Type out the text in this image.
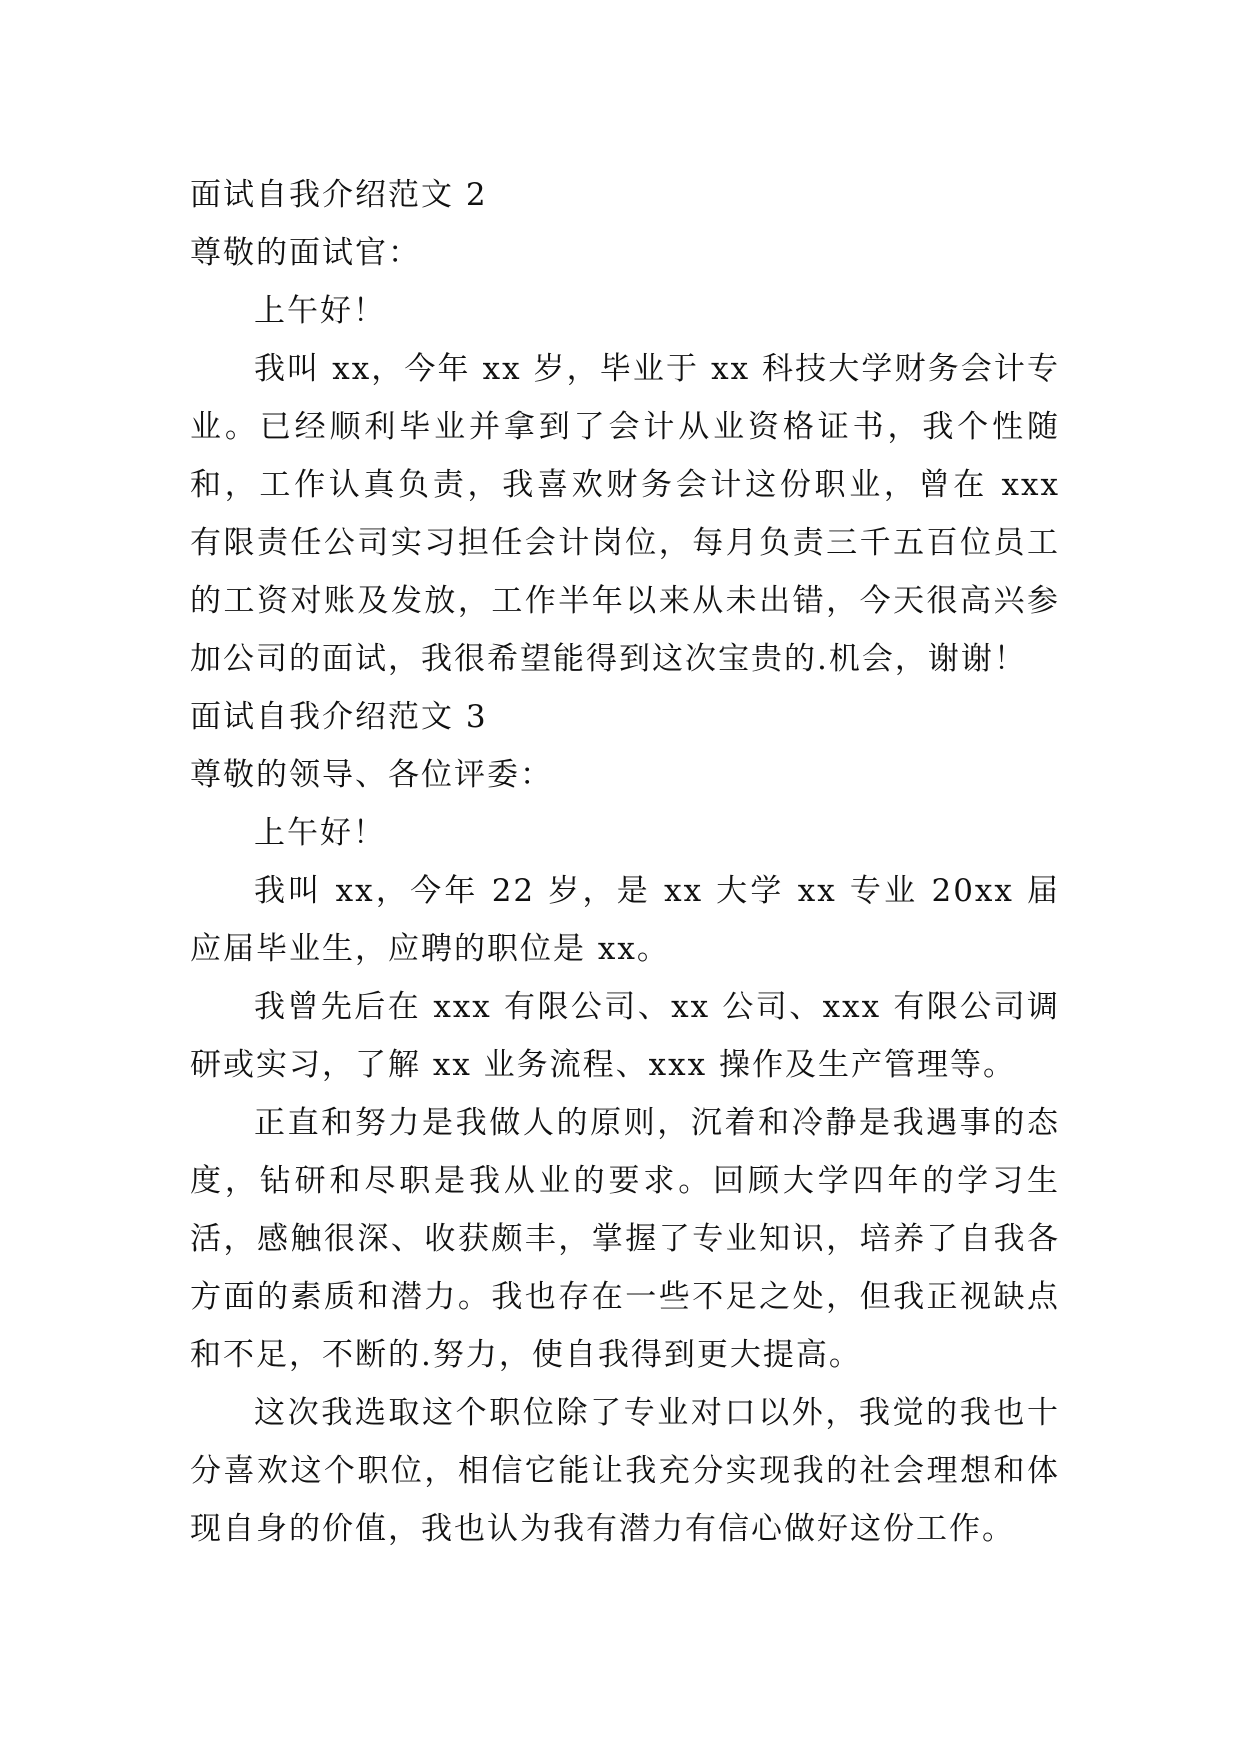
面试自我介绍范文 2

尊敬的面试官：

上午好！

我叫 xx，今年 xx 岁，毕业于 xx 科技大学财务会计专业。已经顺利毕业并拿到了会计从业资格证书，我个性随和，工作认真负责，我喜欢财务会计这份职业，曾在 xxx 有限责任公司实习担任会计岗位，每月负责三千五百位员工的工资对账及发放，工作半年以来从未出错，今天很高兴参加公司的面试，我很希望能得到这次宝贵的.机会，谢谢！

面试自我介绍范文 3

尊敬的领导、各位评委：

上午好！

我叫 xx，今年 22 岁，是 xx 大学 xx 专业 20xx 届应届毕业生，应聘的职位是 xx。

我曾先后在 xxx 有限公司、xx 公司、xxx 有限公司调研或实习，了解 xx 业务流程、xxx 操作及生产管理等。

正直和努力是我做人的原则，沉着和冷静是我遇事的态度，钻研和尽职是我从业的要求。回顾大学四年的学习生活，感触很深、收获颇丰，掌握了专业知识，培养了自我各方面的素质和潜力。我也存在一些不足之处，但我正视缺点和不足，不断的.努力，使自我得到更大提高。

这次我选取这个职位除了专业对口以外，我觉的我也十分喜欢这个职位，相信它能让我充分实现我的社会理想和体现自身的价值，我也认为我有潜力有信心做好这份工作。
